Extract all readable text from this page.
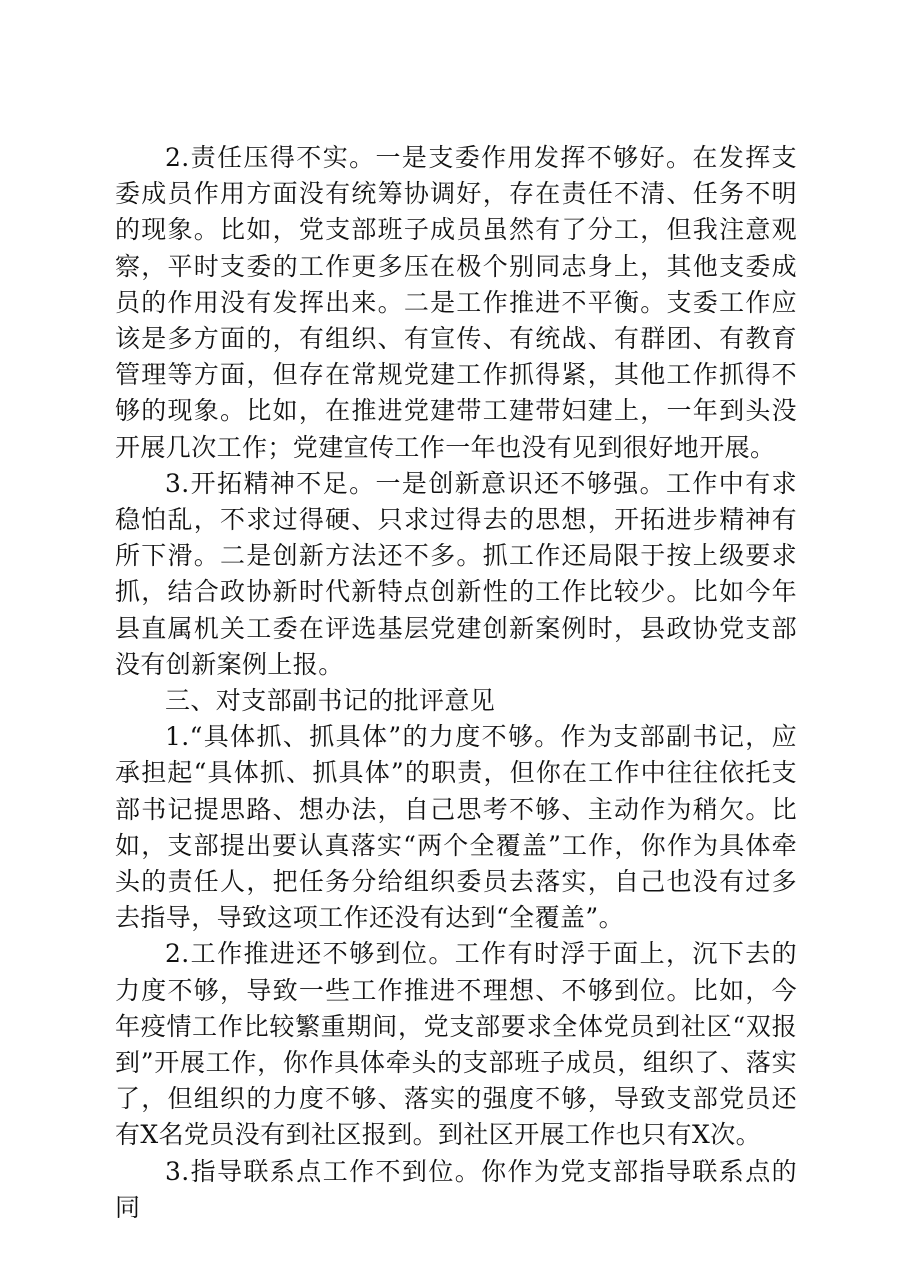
2.责任压得不实。一是支委作用发挥不够好。在发挥支委成员作用方面没有统筹协调好，存在责任不清、任务不明的现象。比如，党支部班子成员虽然有了分工，但我注意观察，平时支委的工作更多压在极个别同志身上，其他支委成员的作用没有发挥出来。二是工作推进不平衡。支委工作应该是多方面的，有组织、有宣传、有统战、有群团、有教育管理等方面，但存在常规党建工作抓得紧，其他工作抓得不够的现象。比如，在推进党建带工建带妇建上，一年到头没开展几次工作；党建宣传工作一年也没有见到很好地开展。

3.开拓精神不足。一是创新意识还不够强。工作中有求稳怕乱，不求过得硬、只求过得去的思想，开拓进步精神有所下滑。二是创新方法还不多。抓工作还局限于按上级要求抓，结合政协新时代新特点创新性的工作比较少。比如今年县直属机关工委在评选基层党建创新案例时，县政协党支部没有创新案例上报。

三、对支部副书记的批评意见

1.“具体抓、抓具体”的力度不够。作为支部副书记，应承担起“具体抓、抓具体”的职责，但你在工作中往往依托支部书记提思路、想办法，自己思考不够、主动作为稍欠。比如，支部提出要认真落实“两个全覆盖”工作，你作为具体牵头的责任人，把任务分给组织委员去落实，自己也没有过多去指导，导致这项工作还没有达到“全覆盖”。

2.工作推进还不够到位。工作有时浮于面上，沉下去的力度不够，导致一些工作推进不理想、不够到位。比如，今年疫情工作比较繁重期间，党支部要求全体党员到社区“双报到”开展工作，你作具体牵头的支部班子成员，组织了、落实了，但组织的力度不够、落实的强度不够，导致支部党员还有X名党员没有到社区报到。到社区开展工作也只有X次。

3.指导联系点工作不到位。你作为党支部指导联系点的同
